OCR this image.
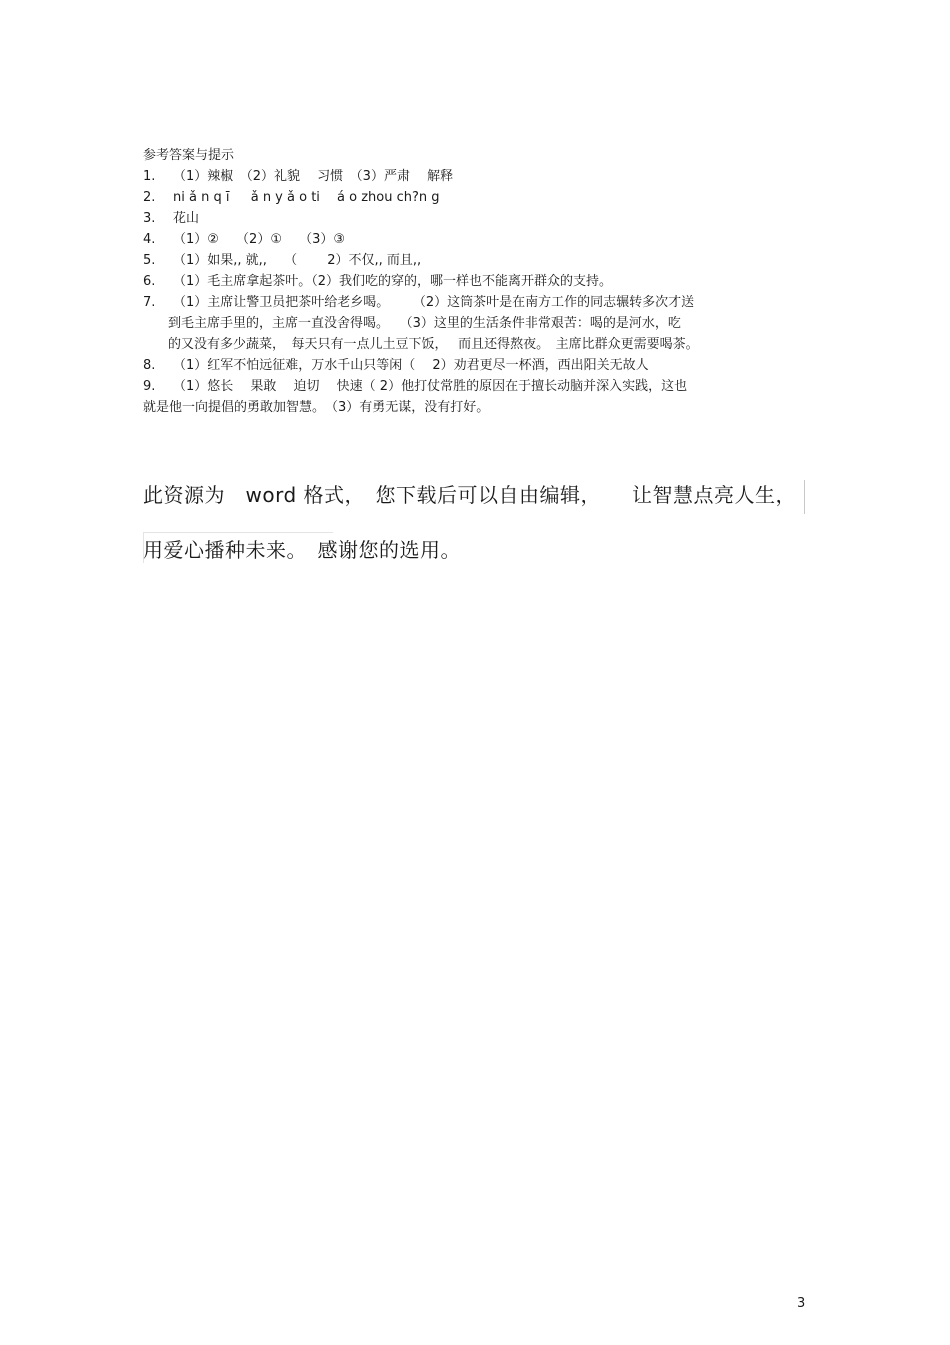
参考答案与提示
1.	（1）辣椒　（2）礼貌　 习惯　（3）严肃　 解释
2.	ni ǎ n q ī 　 ǎ n y ǎ o ti 　á o zhou ch?n g
3.	花山
4.	（1）②　 （2）①　 （3）③
5.	（1）如果,, 就,,　 （　　 2）不仅,, 而且,,
6.	（1）毛主席拿起茶叶。（2）我们吃的穿的，哪一样也不能离开群众的支持。
7.	（1）主席让警卫员把茶叶给老乡喝。　　 （2）这筒茶叶是在南方工作的同志辗转多次才送
到毛主席手里的，主席一直没舍得喝。　 （3）这里的生活条件非常艰苦：喝的是河水，吃
的又没有多少蔬菜，　每天只有一点儿土豆下饭，　 而且还得熬夜。　主席比群众更需要喝茶。
8.	（1）红军不怕远征难，万水千山只等闲（　 2）劝君更尽一杯酒，西出阳关无故人
9.	（1）悠长　 果敢　 迫切　 快速（ 2）他打仗常胜的原因在于擅长动脑并深入实践，这也
就是他一向提倡的勇敢加智慧。　（3）有勇无谋，没有打好。
此资源为　word 格式，　您下载后可以自由编辑，　　让智慧点亮人生，
用爱心播种未来。　感谢您的选用。
3
